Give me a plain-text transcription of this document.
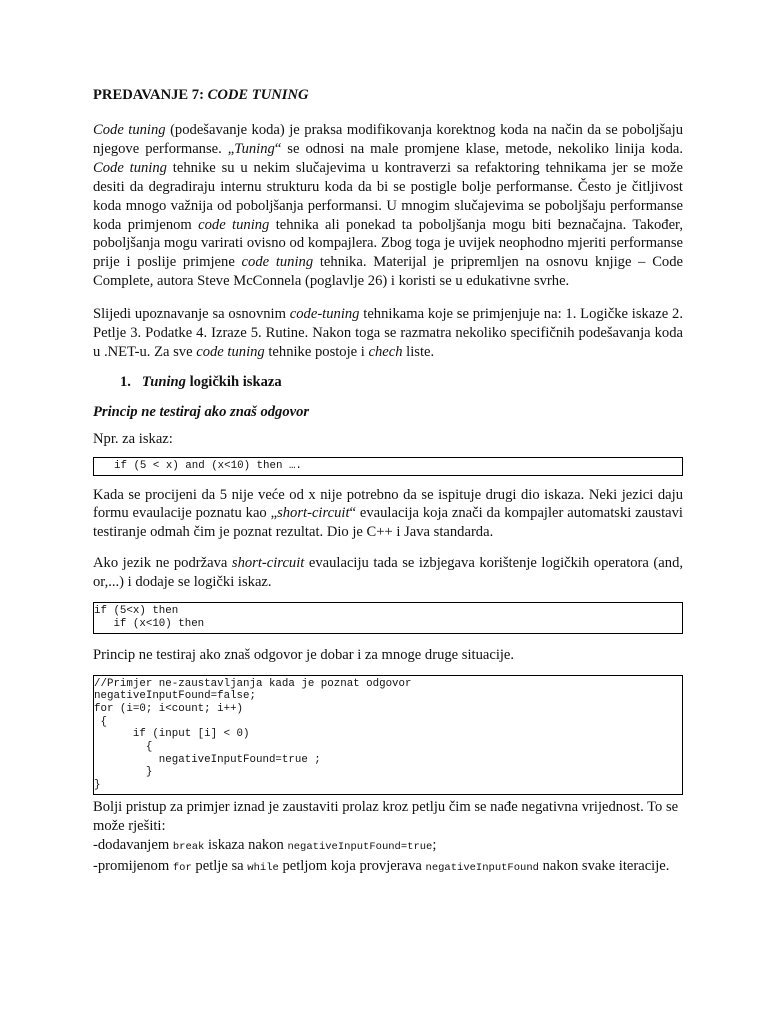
PREDAVANJE 7: CODE TUNING

Code tuning (podešavanje koda) je praksa modifikovanja korektnog koda na način da se poboljšaju njegove performanse. „Tuning“ se odnosi na male promjene klase, metode, nekoliko linija koda. Code tuning tehnike su u nekim slučajevima u kontraverzi sa refaktoring tehnikama jer se može desiti da degradiraju internu strukturu koda da bi se postigle bolje performanse. Često je čitljivost koda mnogo važnija od poboljšanja performansi. U mnogim slučajevima se poboljšaju performanse koda primjenom code tuning tehnika ali ponekad ta poboljšanja mogu biti beznačajna. Također, poboljšanja mogu varirati ovisno od kompajlera. Zbog toga je uvijek neophodno mjeriti performanse prije i poslije primjene code tuning tehnika. Materijal je pripremljen na osnovu knjige – Code Complete, autora Steve McConnela (poglavlje 26) i koristi se u edukativne svrhe.

Slijedi upoznavanje sa osnovnim code-tuning tehnikama koje se primjenjuje na: 1. Logičke iskaze 2. Petlje 3. Podatke 4. Izraze 5. Rutine. Nakon toga se razmatra nekoliko specifičnih podešavanja koda u .NET-u. Za sve code tuning tehnike postoje i chech liste.

1.   Tuning logičkih iskaza

Princip ne testiraj ako znaš odgovor

Npr. za iskaz:

if (5 < x) and (x<10) then ….

Kada se procijeni da 5 nije veće od x nije potrebno da se ispituje drugi dio iskaza. Neki jezici daju formu evaulacije poznatu kao „short-circuit“ evaulacija koja znači da kompajler automatski zaustavi testiranje odmah čim je poznat rezultat. Dio je C++ i Java standarda.

Ako jezik ne podržava short-circuit evaulaciju tada se izbjegava korištenje logičkih operatora (and, or,...) i dodaje se logički iskaz.

if (5<x) then
if (x<10) then

Princip ne testiraj ako znaš odgovor je dobar i za mnoge druge situacije.

//Primjer ne-zaustavljanja kada je poznat odgovor
negativeInputFound=false;
for (i=0; i<count; i++)
{
if (input [i] < 0)
{
negativeInputFound=true ;
}
}

Bolji pristup za primjer iznad je zaustaviti prolaz kroz petlju čim se nađe negativna vrijednost. To se može rješiti:
-dodavanjem break iskaza nakon negativeInputFound=true;
-promijenom for petlje sa while petljom koja provjerava negativeInputFound nakon svake iteracije.
